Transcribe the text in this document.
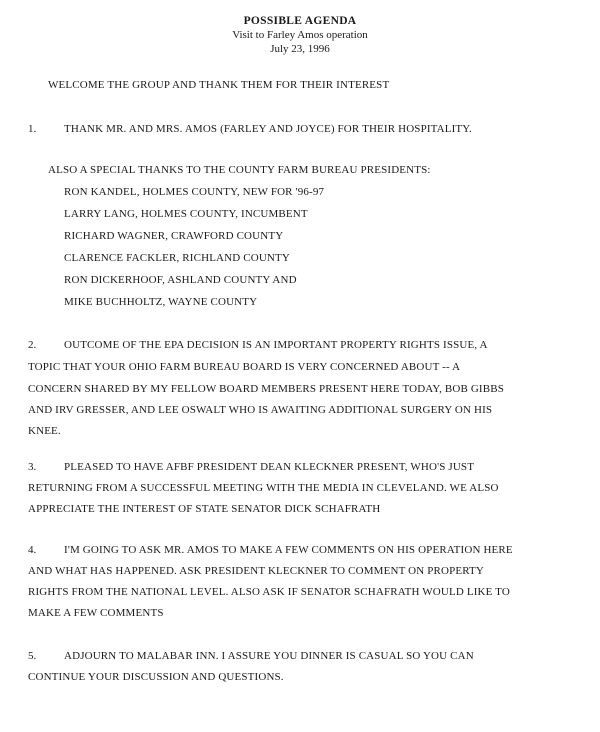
POSSIBLE AGENDA
Visit to Farley Amos operation
July 23, 1996
WELCOME THE GROUP AND THANK THEM FOR THEIR INTEREST
1.	THANK MR. AND MRS. AMOS (FARLEY AND JOYCE) FOR THEIR HOSPITALITY.
ALSO A SPECIAL THANKS TO THE COUNTY FARM BUREAU PRESIDENTS:
RON KANDEL, HOLMES COUNTY, NEW FOR '96-97
LARRY LANG, HOLMES COUNTY, INCUMBENT
RICHARD WAGNER, CRAWFORD COUNTY
CLARENCE FACKLER, RICHLAND COUNTY
RON DICKERHOOF, ASHLAND COUNTY AND
MIKE BUCHHOLTZ, WAYNE COUNTY
2.	OUTCOME OF THE EPA DECISION IS AN IMPORTANT PROPERTY RIGHTS ISSUE, A
TOPIC THAT YOUR OHIO FARM BUREAU BOARD IS VERY CONCERNED ABOUT -- A
CONCERN SHARED BY MY FELLOW BOARD MEMBERS PRESENT HERE TODAY, BOB GIBBS
AND IRV GRESSER, AND LEE OSWALT WHO IS AWAITING ADDITIONAL SURGERY ON HIS
KNEE.
3.	PLEASED TO HAVE AFBF PRESIDENT DEAN KLECKNER PRESENT, WHO'S JUST
RETURNING FROM A SUCCESSFUL MEETING WITH THE MEDIA IN CLEVELAND. WE ALSO
APPRECIATE THE INTEREST OF STATE SENATOR DICK SCHAFRATH
4.	I'M GOING TO ASK MR. AMOS TO MAKE A FEW COMMENTS ON HIS OPERATION HERE
AND WHAT HAS HAPPENED. ASK PRESIDENT KLECKNER TO COMMENT ON PROPERTY
RIGHTS FROM THE NATIONAL LEVEL. ALSO ASK IF SENATOR SCHAFRATH WOULD LIKE TO
MAKE A FEW COMMENTS
5.	ADJOURN TO MALABAR INN. I ASSURE YOU DINNER IS CASUAL SO YOU CAN
CONTINUE YOUR DISCUSSION AND QUESTIONS.
